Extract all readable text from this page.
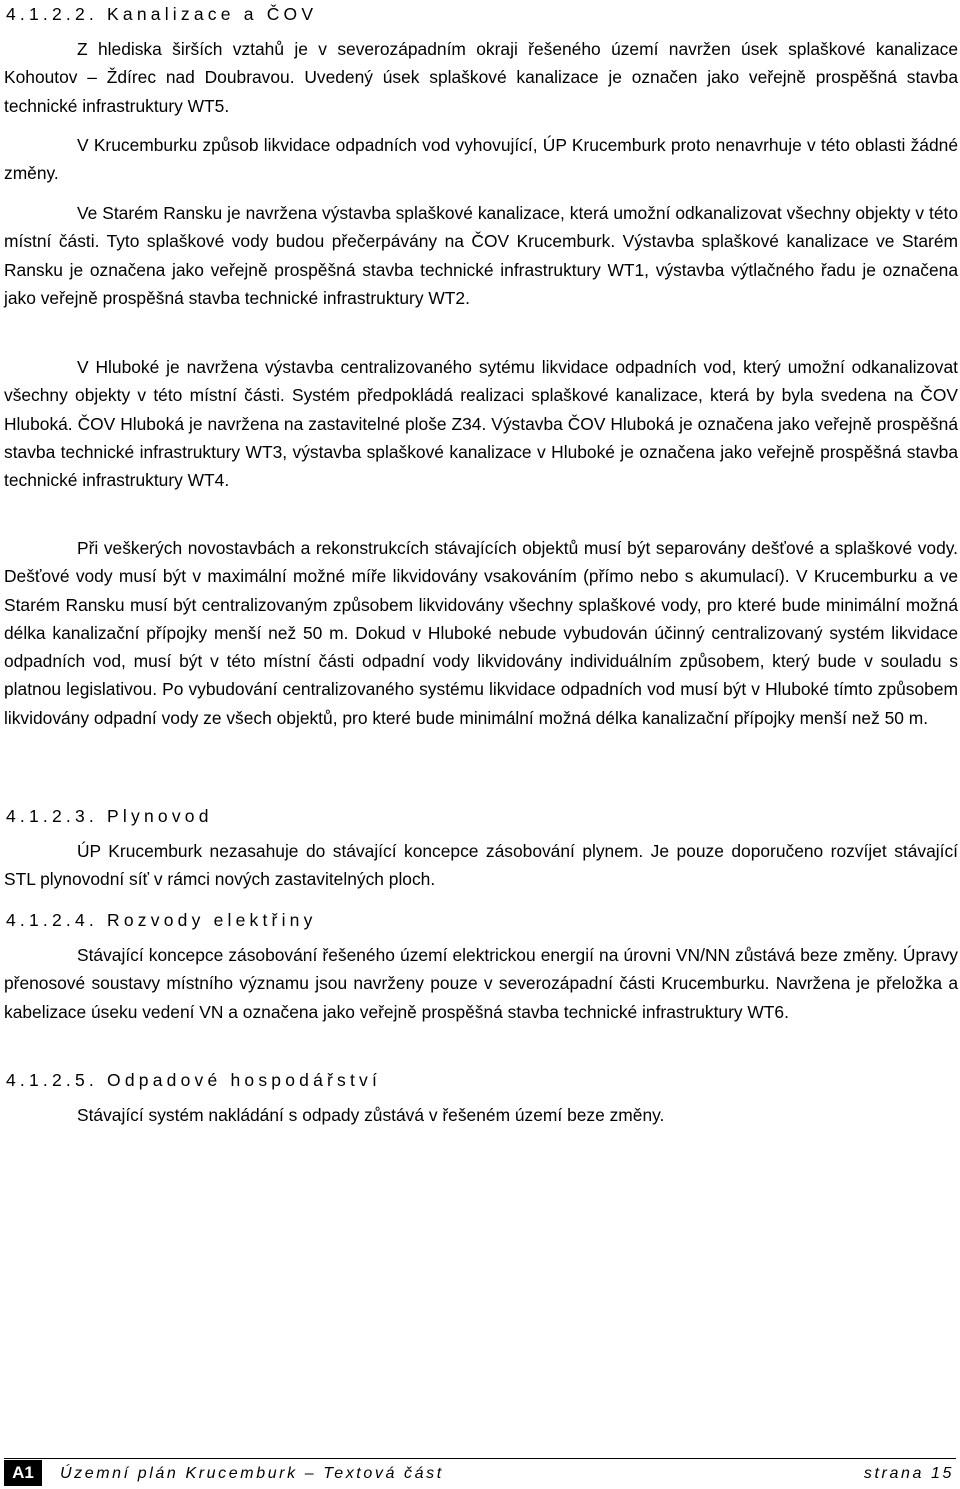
4.1.2.2. Kanalizace a ČOV

Z hlediska širších vztahů je v severozápadním okraji řešeného území navržen úsek splaškové kanalizace Kohoutov – Ždírec nad Doubravou. Uvedený úsek splaškové kanalizace je označen jako veřejně prospěšná stavba technické infrastruktury WT5.

V Krucemburku způsob likvidace odpadních vod vyhovující, ÚP Krucemburk proto nenavrhuje v této oblasti žádné změny.

Ve Starém Ransku je navržena výstavba splaškové kanalizace, která umožní odkanalizovat všechny objekty v této místní části. Tyto splaškové vody budou přečerpávány na ČOV Krucemburk. Výstavba splaškové kanalizace ve Starém Ransku je označena jako veřejně prospěšná stavba technické infrastruktury WT1, výstavba výtlačného řadu je označena jako veřejně prospěšná stavba technické infrastruktury WT2.

V Hluboké je navržena výstavba centralizovaného sytému likvidace odpadních vod, který umožní odkanalizovat všechny objekty v této místní části. Systém předpokládá realizaci splaškové kanalizace, která by byla svedena na ČOV Hluboká. ČOV Hluboká je navržena na zastavitelné ploše Z34. Výstavba ČOV Hluboká je označena jako veřejně prospěšná stavba technické infrastruktury WT3, výstavba splaškové kanalizace v Hluboké je označena jako veřejně prospěšná stavba technické infrastruktury WT4.

Při veškerých novostavbách a rekonstrukcích stávajících objektů musí být separovány dešťové a splaškové vody. Dešťové vody musí být v maximální možné míře likvidovány vsakováním (přímo nebo s akumulací). V Krucemburku a ve Starém Ransku musí být centralizovaným způsobem likvidovány všechny splaškové vody, pro které bude minimální možná délka kanalizační přípojky menší než 50 m. Dokud v Hluboké nebude vybudován účinný centralizovaný systém likvidace odpadních vod, musí být v této místní části odpadní vody likvidovány individuálním způsobem, který bude v souladu s platnou legislativou. Po vybudování centralizovaného systému likvidace odpadních vod musí být v Hluboké tímto způsobem likvidovány odpadní vody ze všech objektů, pro které bude minimální možná délka kanalizační přípojky menší než 50 m.

4.1.2.3. Plynovod

ÚP Krucemburk nezasahuje do stávající koncepce zásobování plynem. Je pouze doporučeno rozvíjet stávající STL plynovodní síť v rámci nových zastavitelných ploch.

4.1.2.4. Rozvody elektřiny

Stávající koncepce zásobování řešeného území elektrickou energií na úrovni VN/NN zůstává beze změny. Úpravy přenosové soustavy místního významu jsou navrženy pouze v severozápadní části Krucemburku. Navržena je přeložka a kabelizace úseku vedení VN a označena jako veřejně prospěšná stavba technické infrastruktury WT6.

4.1.2.5. Odpadové hospodářství

Stávající systém nakládání s odpady zůstává v řešeném území beze změny.

A1	Územní plán Krucemburk – Textová část	strana 15
